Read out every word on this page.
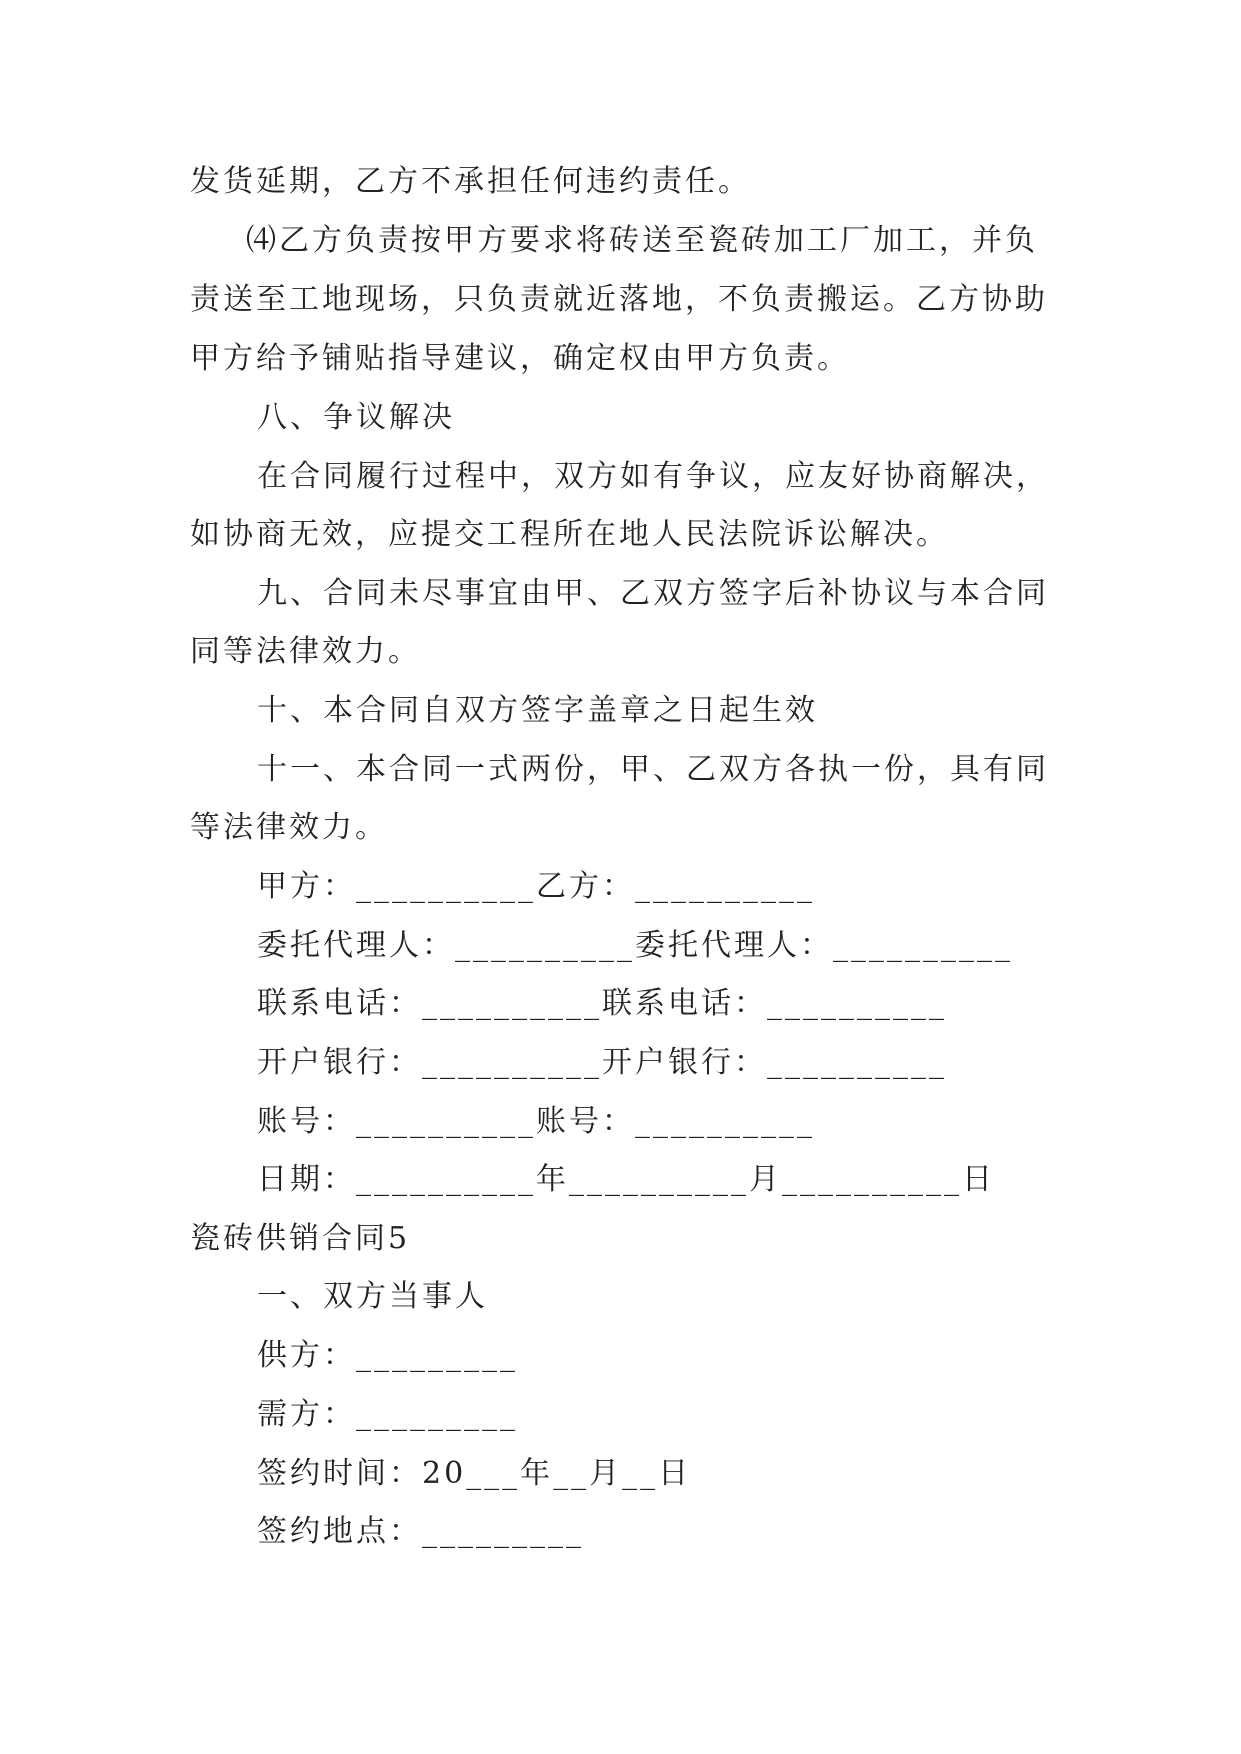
发货延期，乙方不承担任何违约责任。
⑷乙方负责按甲方要求将砖送至瓷砖加工厂加工，并负
责送至工地现场，只负责就近落地，不负责搬运。乙方协助
甲方给予铺贴指导建议，确定权由甲方负责。
八、争议解决
在合同履行过程中，双方如有争议，应友好协商解决，
如协商无效，应提交工程所在地人民法院诉讼解决。
九、合同未尽事宜由甲、乙双方签字后补协议与本合同
同等法律效力。
十、本合同自双方签字盖章之日起生效
十一、本合同一式两份，甲、乙双方各执一份，具有同
等法律效力。
甲方：__________乙方：__________
委托代理人：__________委托代理人：__________
联系电话：__________联系电话：__________
开户银行：__________开户银行：__________
账号：__________账号：__________
日期：__________年__________月__________日
瓷砖供销合同5
一、双方当事人
供方：_________
需方：_________
签约时间：20___年__月__日
签约地点：_________
